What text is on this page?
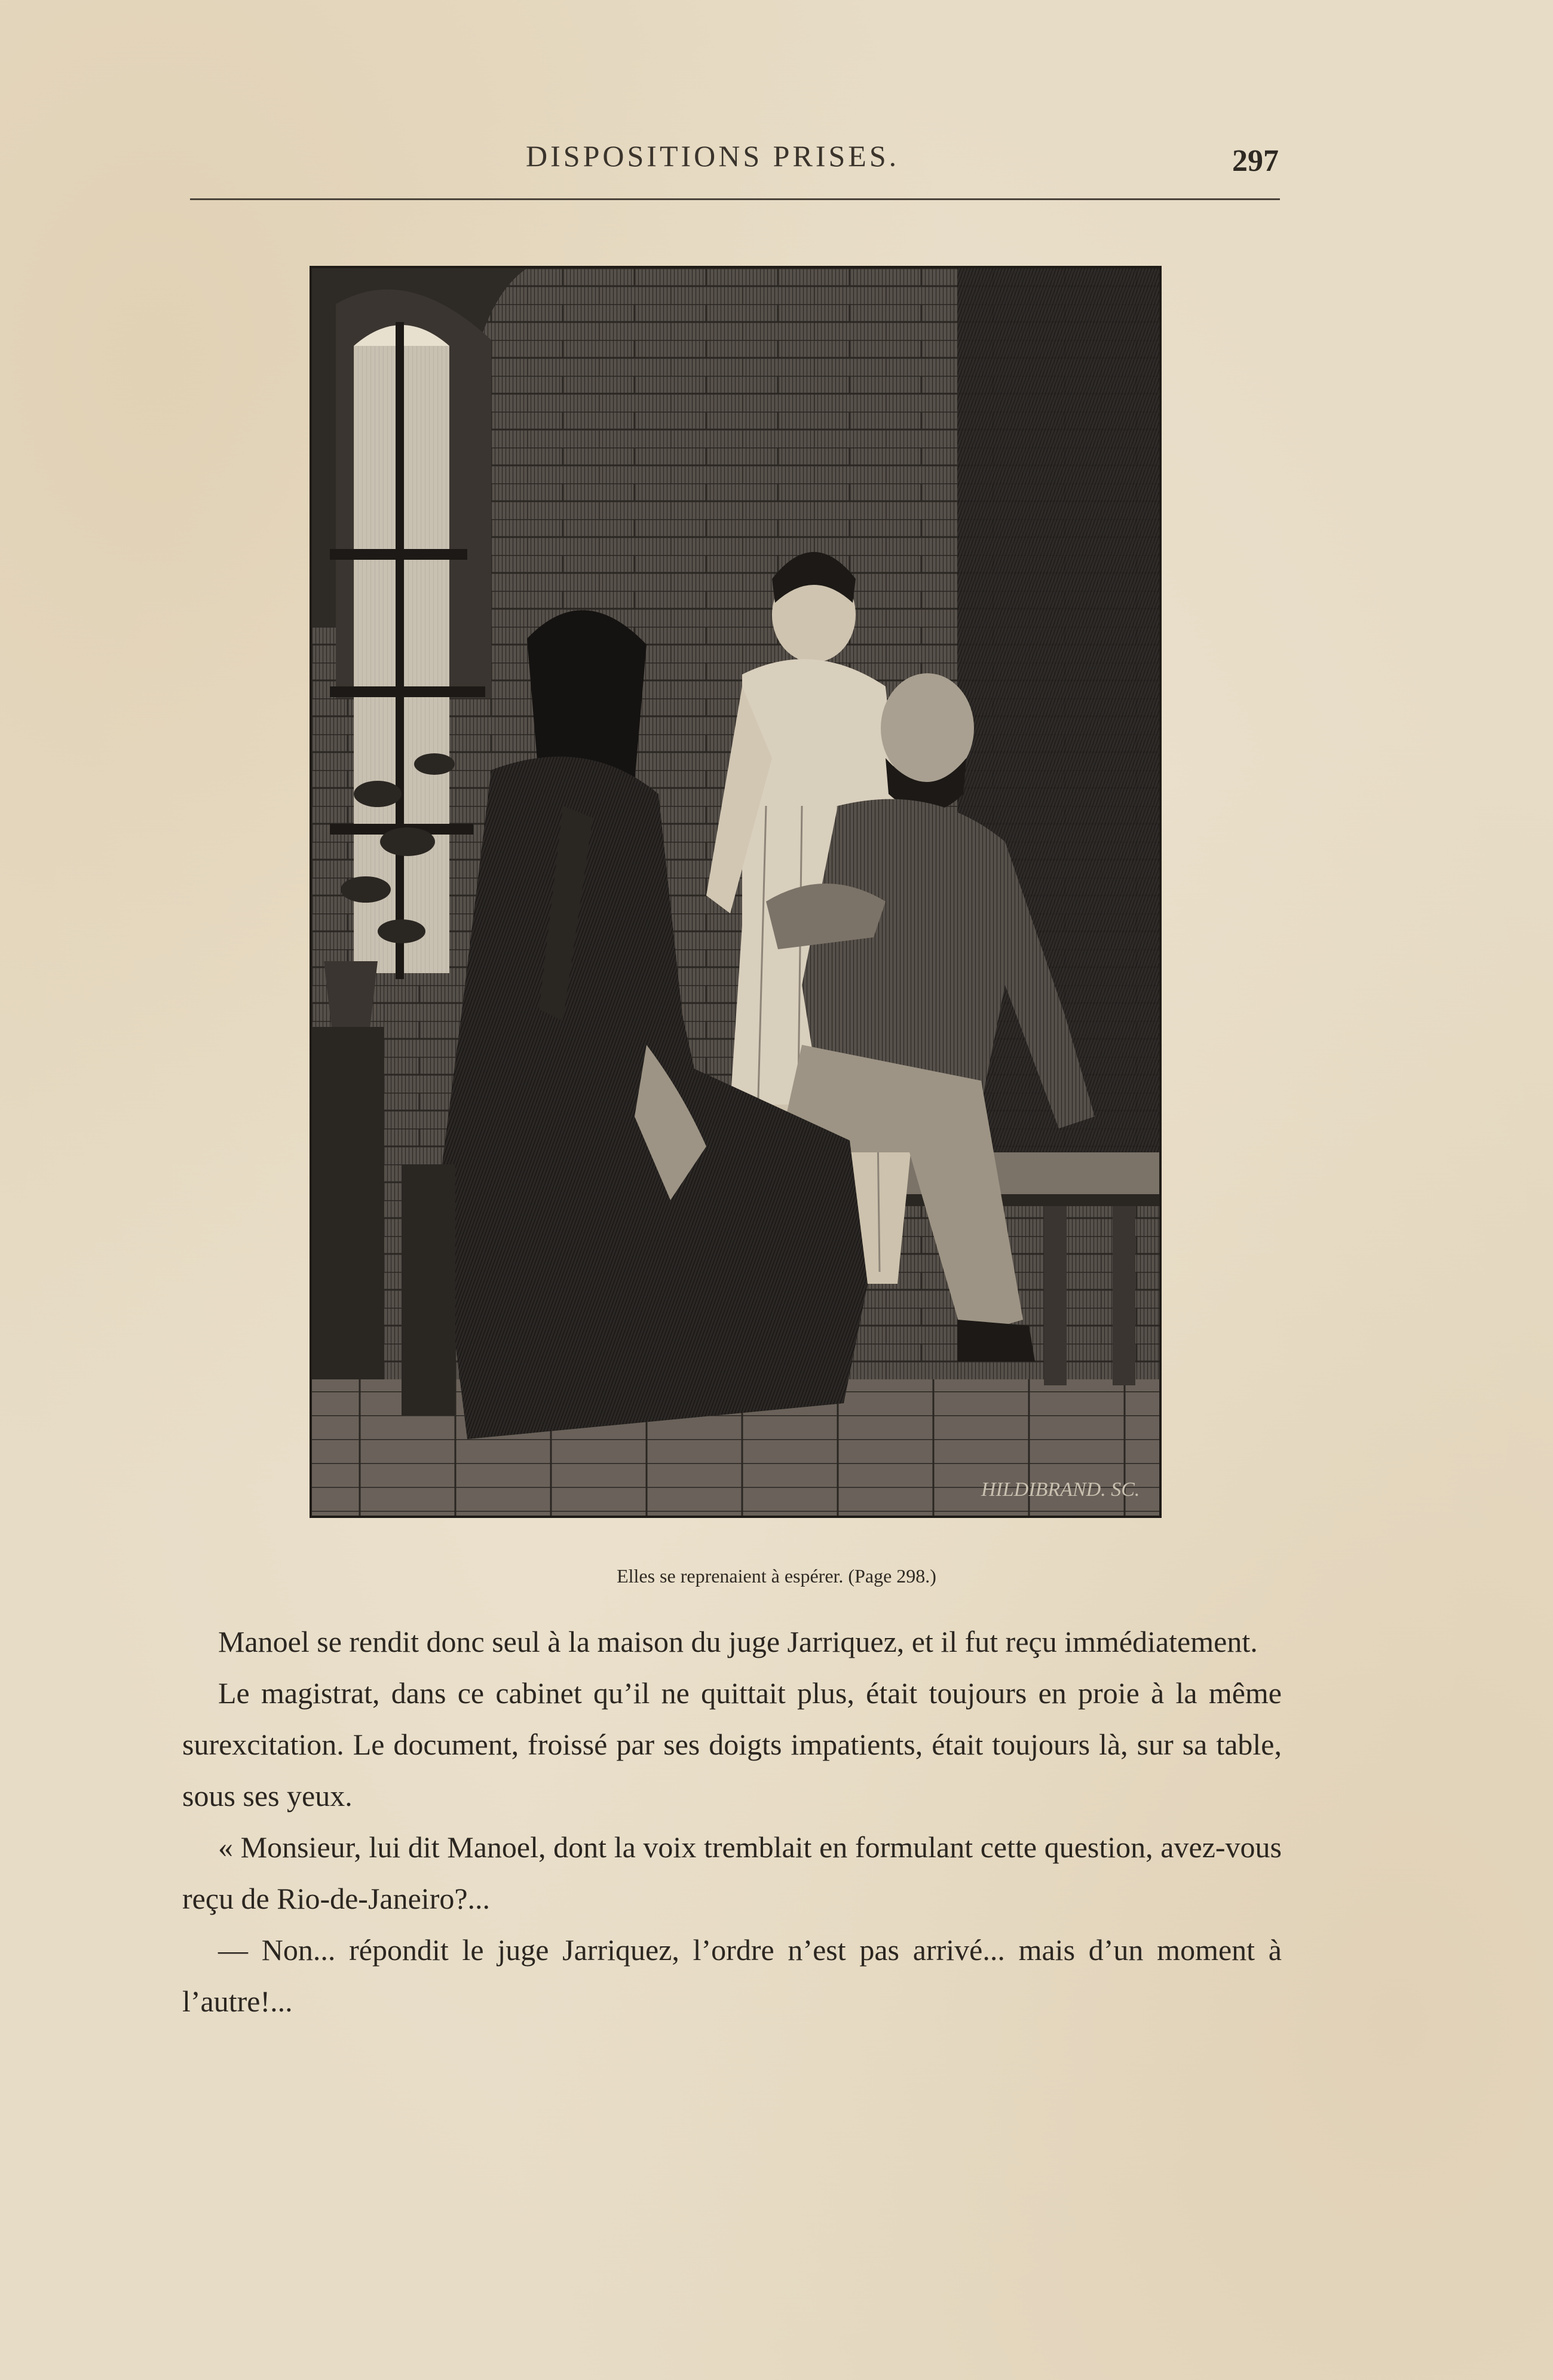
DISPOSITIONS PRISES.	297
HILDIBRAND. SC.
Elles se reprenaient à espérer. (Page 298.)

Manoel se rendit donc seul à la maison du juge Jarriquez, et il fut reçu immédiatement.

Le magistrat, dans ce cabinet qu’il ne quittait plus, était toujours en proie à la même surexcitation. Le document, froissé par ses doigts impatients, était toujours là, sur sa table, sous ses yeux.

« Monsieur, lui dit Manoel, dont la voix tremblait en formulant cette question, avez-vous reçu de Rio-de-Janeiro?...

— Non... répondit le juge Jarriquez, l’ordre n’est pas arrivé... mais d’un moment à l’autre!...
